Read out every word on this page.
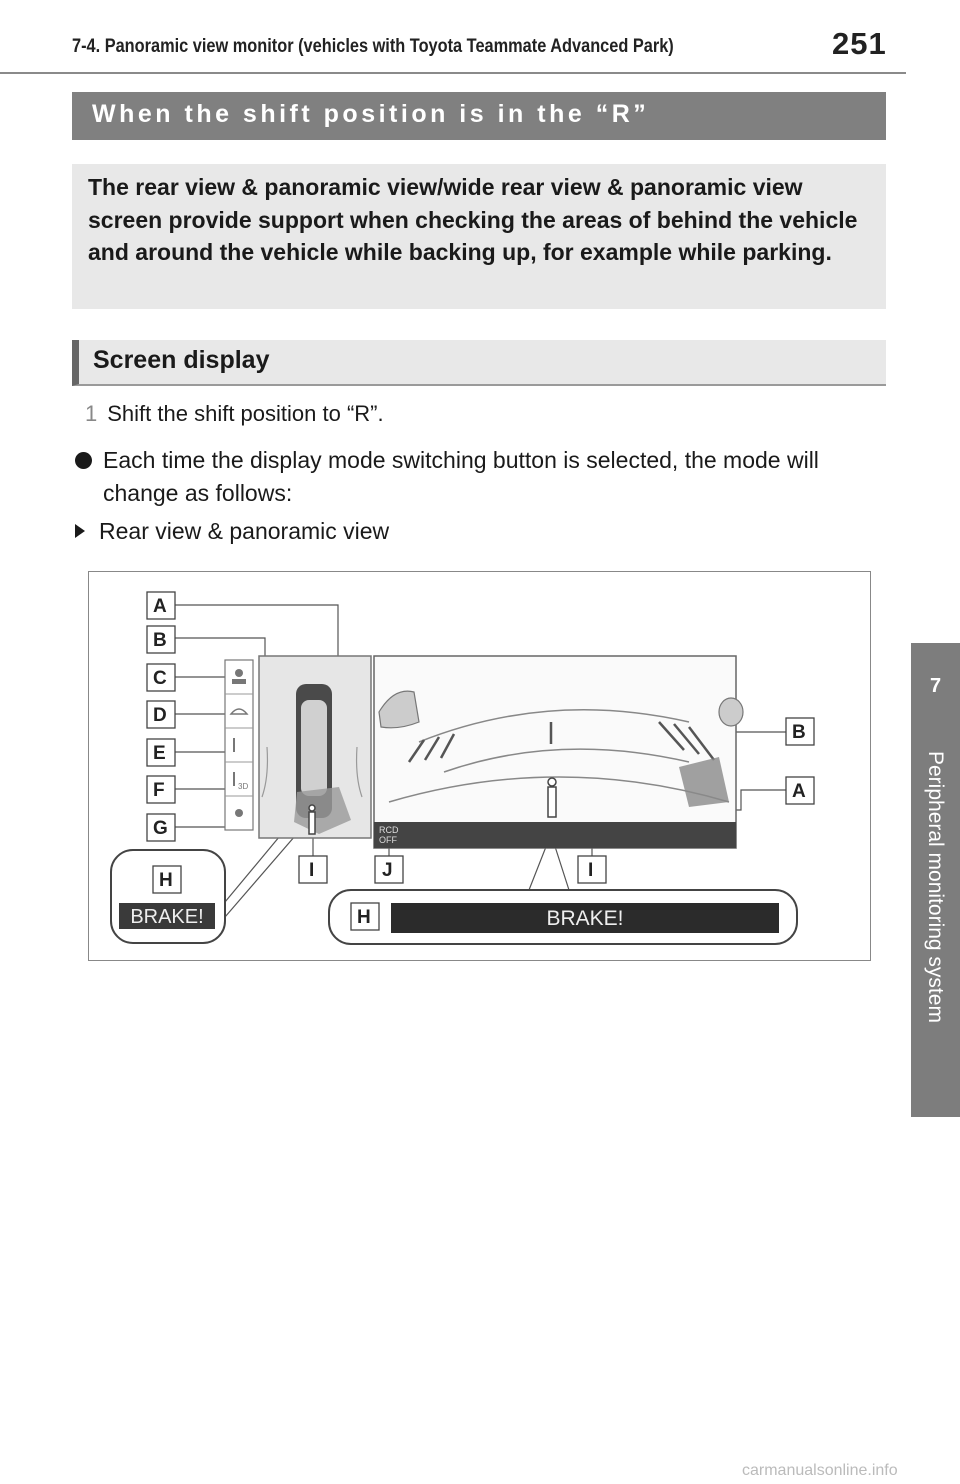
7-4. Panoramic view monitor (vehicles with Toyota Teammate Advanced Park)	251
7
Peripheral monitoring system
When the shift position is in the “R”

The rear view & panoramic view/wide rear view & panoramic view screen provide support when checking the areas of behind the vehicle and around the vehicle while backing up, for example while parking.

Screen display
1 Shift the shift position to “R”.
Each time the display mode switching button is selected, the mode will change as follows:
Rear view & panoramic view
3D
RCD
OFF
A
B
C
D
E
F
G
B
A
I	J	I
H
BRAKE!	H	BRAKE!
carmanualsonline.info
